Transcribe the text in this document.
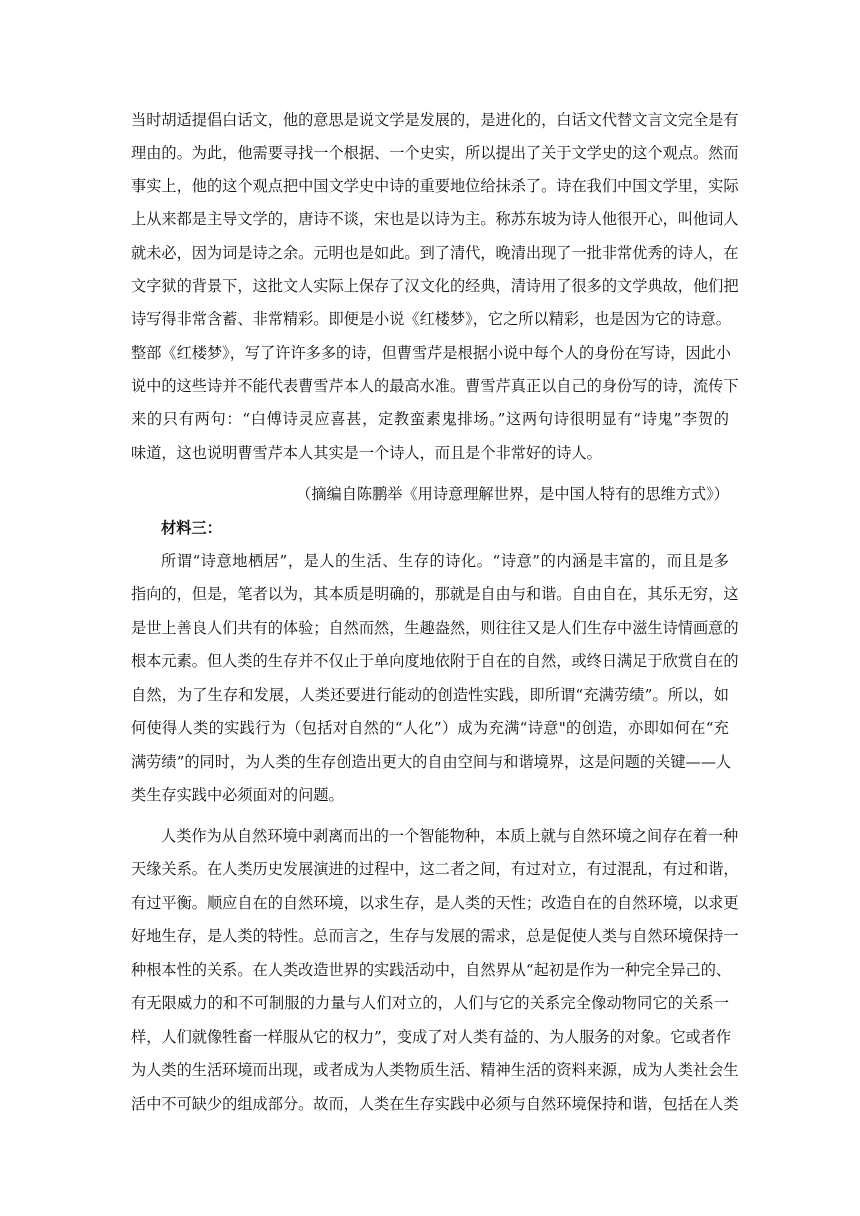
当时胡适提倡白话文，他的意思是说文学是发展的，是进化的，白话文代替文言文完全是有
理由的。为此，他需要寻找一个根据、一个史实，所以提出了关于文学史的这个观点。然而
事实上，他的这个观点把中国文学史中诗的重要地位给抹杀了。诗在我们中国文学里，实际
上从来都是主导文学的，唐诗不谈，宋也是以诗为主。称苏东坡为诗人他很开心，叫他词人
就未必，因为词是诗之余。元明也是如此。到了清代，晚清出现了一批非常优秀的诗人，在
文字狱的背景下，这批文人实际上保存了汉文化的经典，清诗用了很多的文学典故，他们把
诗写得非常含蓄、非常精彩。即便是小说《红楼梦》，它之所以精彩，也是因为它的诗意。
整部《红楼梦》，写了许许多多的诗，但曹雪芹是根据小说中每个人的身份在写诗，因此小
说中的这些诗并不能代表曹雪芹本人的最高水准。曹雪芹真正以自己的身份写的诗，流传下
来的只有两句：“白傅诗灵应喜甚，定教蛮素鬼排场。”这两句诗很明显有“诗鬼”李贺的
味道，这也说明曹雪芹本人其实是一个诗人，而且是个非常好的诗人。
（摘编自陈鹏举《用诗意理解世界，是中国人特有的思维方式》）
材料三：
所谓“诗意地栖居”，是人的生活、生存的诗化。“诗意”的内涵是丰富的，而且是多
指向的，但是，笔者以为，其本质是明确的，那就是自由与和谐。自由自在，其乐无穷，这
是世上善良人们共有的体验；自然而然，生趣盎然，则往往又是人们生存中滋生诗情画意的
根本元素。但人类的生存并不仅止于单向度地依附于自在的自然，或终日满足于欣赏自在的
自然，为了生存和发展，人类还要进行能动的创造性实践，即所谓“充满劳绩”。所以，如
何使得人类的实践行为（包括对自然的“人化”）成为充满“诗意"的创造，亦即如何在“充
满劳绩”的同时，为人类的生存创造出更大的自由空间与和谐境界，这是问题的关键——人
类生存实践中必须面对的问题。
人类作为从自然环境中剥离而出的一个智能物种，本质上就与自然环境之间存在着一种
天缘关系。在人类历史发展演进的过程中，这二者之间，有过对立，有过混乱，有过和谐，
有过平衡。顺应自在的自然环境，以求生存，是人类的天性；改造自在的自然环境，以求更
好地生存，是人类的特性。总而言之，生存与发展的需求，总是促使人类与自然环境保持一
种根本性的关系。在人类改造世界的实践活动中，自然界从“起初是作为一种完全异己的、
有无限威力的和不可制服的力量与人们对立的，人们与它的关系完全像动物同它的关系一
样，人们就像牲畜一样服从它的权力”，变成了对人类有益的、为人服务的对象。它或者作
为人类的生活环境而出现，或者成为人类物质生活、精神生活的资料来源，成为人类社会生
活中不可缺少的组成部分。故而，人类在生存实践中必须与自然环境保持和谐，包括在人类
